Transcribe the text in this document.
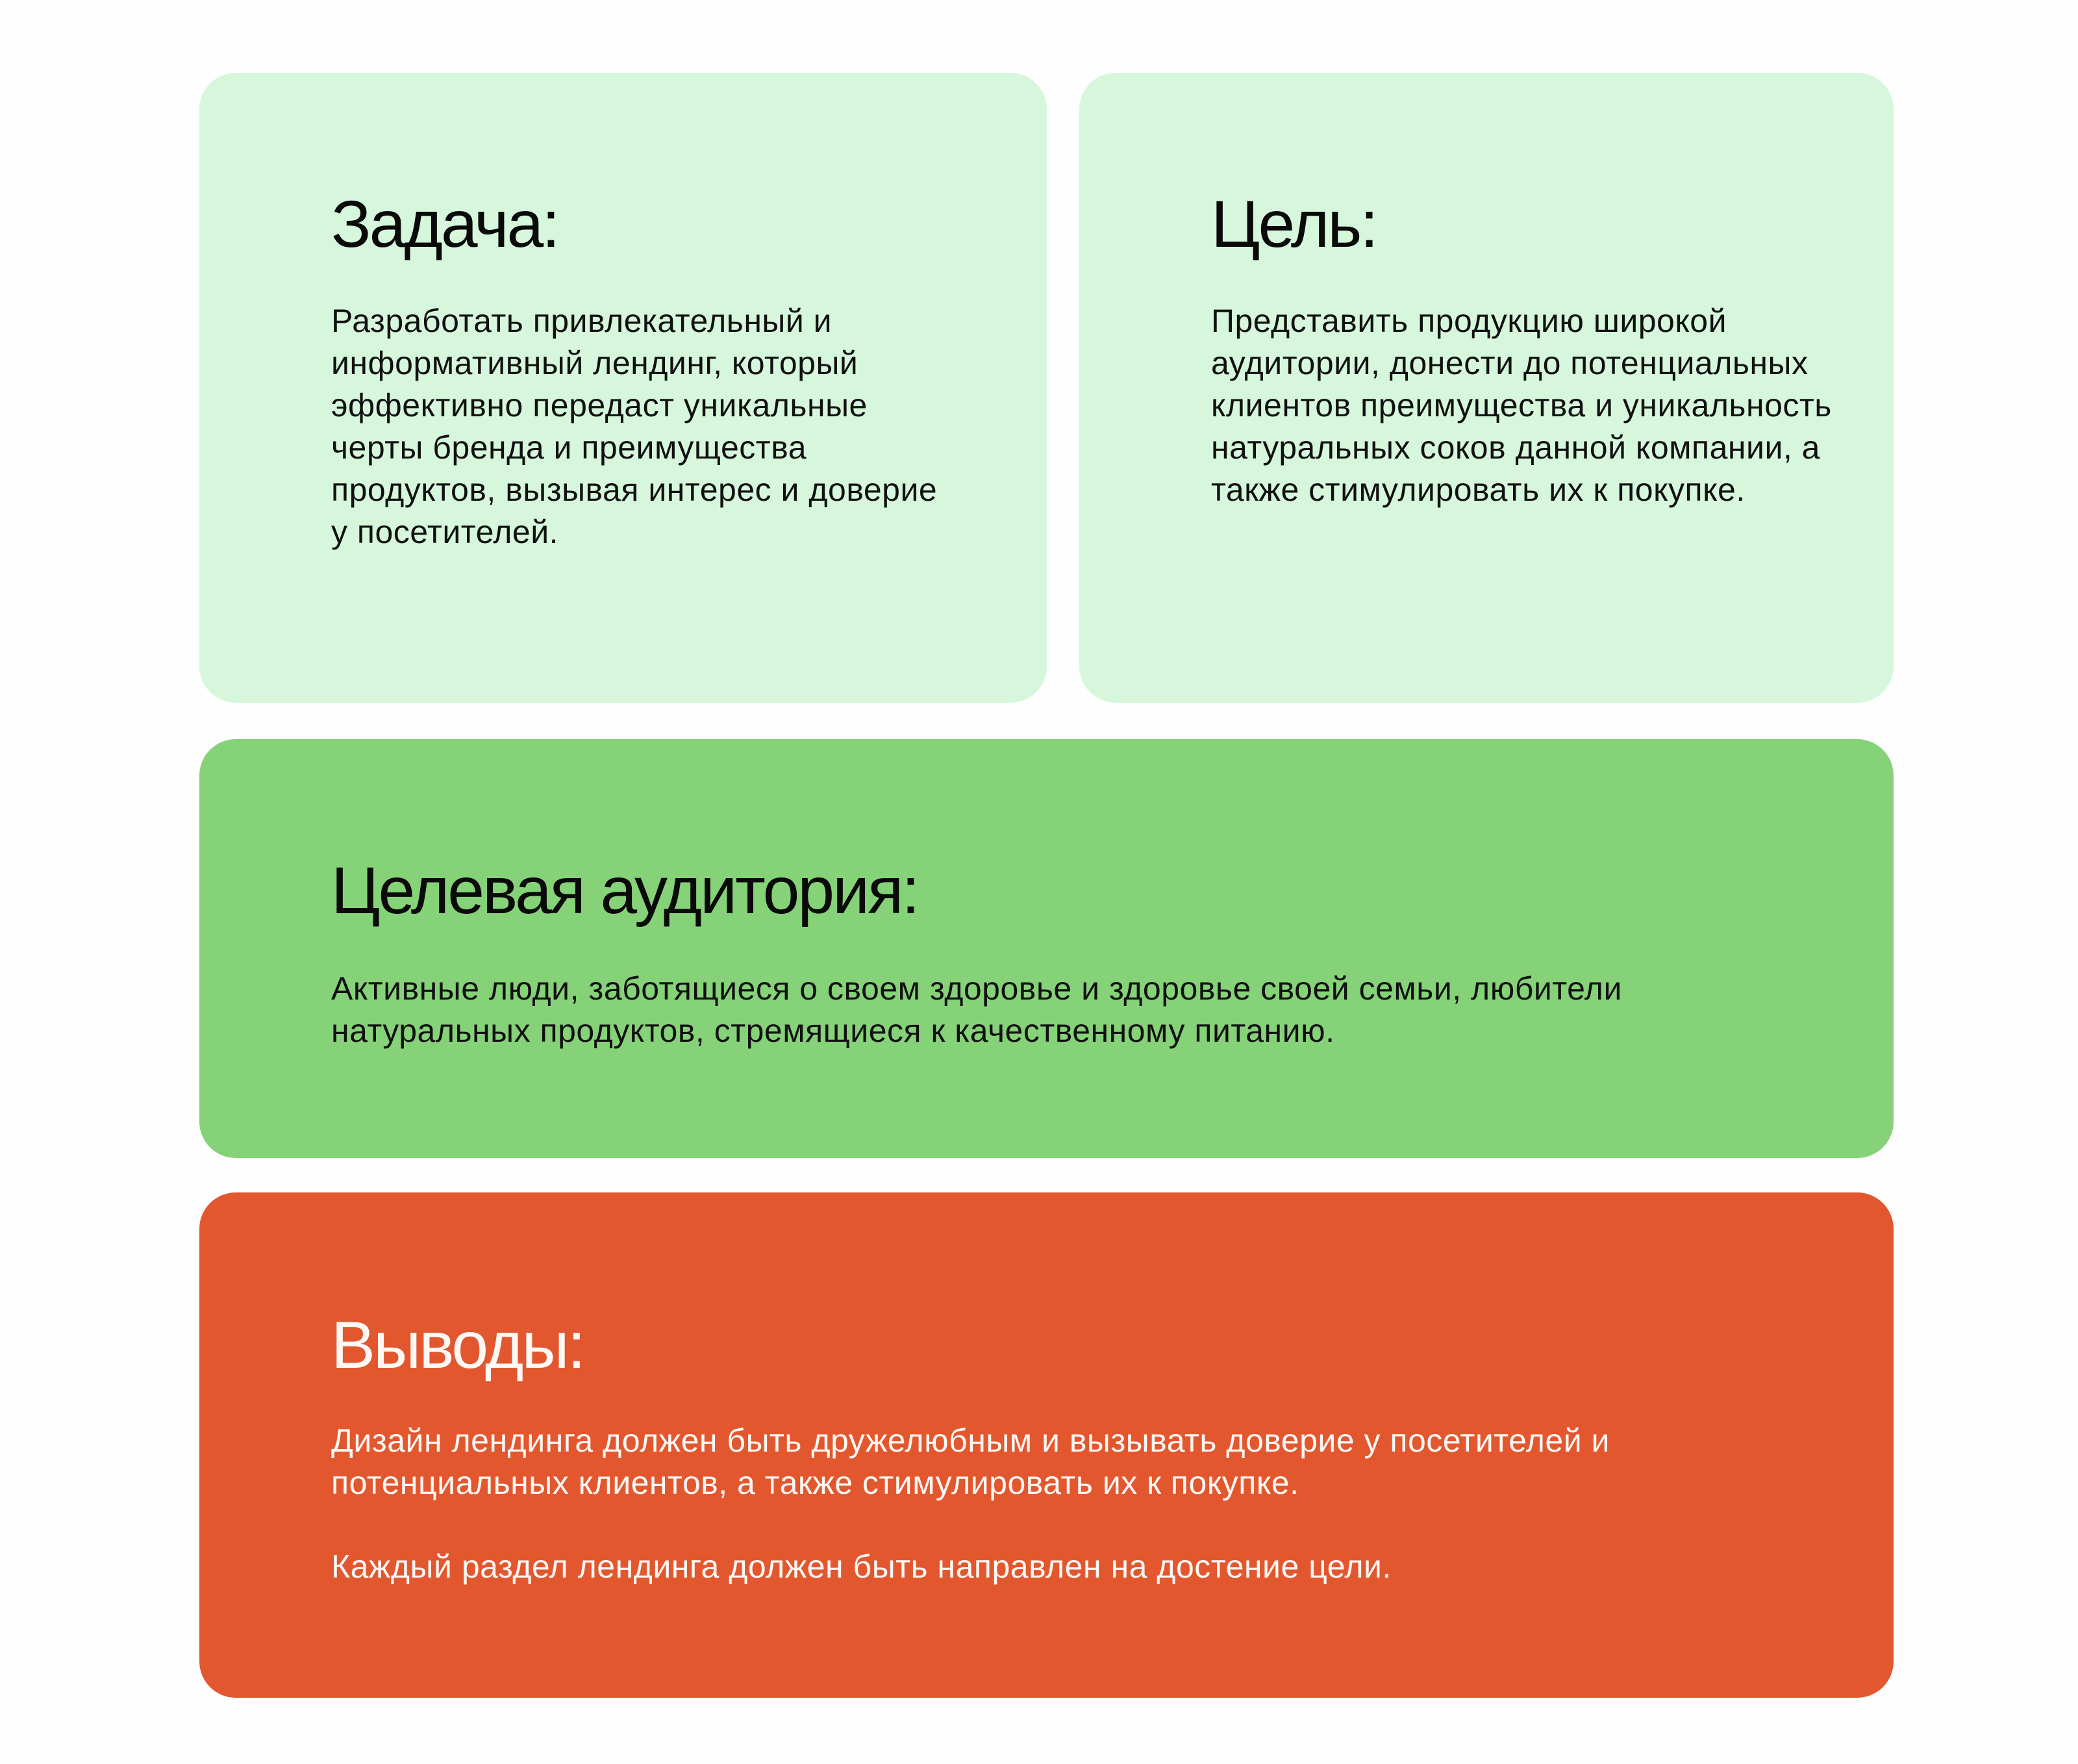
Задача:

Разработать привлекательный и информативный лендинг, который эффективно передаст уникальные черты бренда и преимущества продуктов, вызывая интерес и доверие у посетителей.

Цель:

Представить продукцию широкой аудитории, донести до потенциальных клиентов преимущества и уникальность натуральных соков данной компании, а также стимулировать их к покупке.

Целевая аудитория:

Активные люди, заботящиеся о своем здоровье и здоровье своей семьи, любители натуральных продуктов, стремящиеся к качественному питанию.

Выводы:

Дизайн лендинга должен быть дружелюбным и вызывать доверие у посетителей и потенциальных клиентов, а также стимулировать их к покупке.

Каждый раздел лендинга должен быть направлен на достение цели.
